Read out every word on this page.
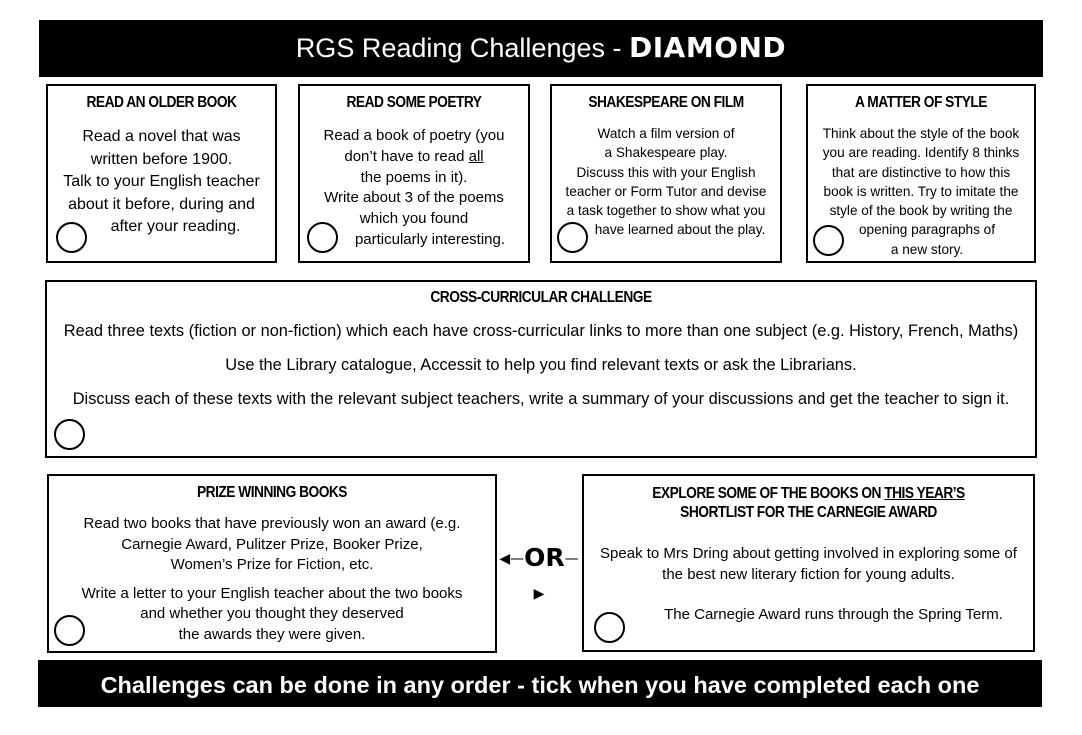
RGS Reading Challenges - DIAMOND
READ AN OLDER BOOK

Read a novel that was

written before 1900.

Talk to your English teacher

about it before, during and

after your reading.

READ SOME POETRY

Read a book of poetry (you

don’t have to read all

the poems in it).

Write about 3 of the poems

which you found

particularly interesting.

SHAKESPEARE ON FILM

Watch a film version of

a Shakespeare play.

Discuss this with your English

teacher or Form Tutor and devise

a task together to show what you

have learned about the play.

A MATTER OF STYLE

Think about the style of the book

you are reading. Identify 8 thinks

that are distinctive to how this

book is written. Try to imitate the

style of the book by writing the

opening paragraphs of

a new story.

CROSS-CURRICULAR CHALLENGE

Read three texts (fiction or non-fiction) which each have cross-curricular links to more than one subject (e.g. History, French, Maths)

Use the Library catalogue, Accessit to help you find relevant texts or ask the Librarians.

Discuss each of these texts with the relevant subject teachers, write a summary of your discussions and get the teacher to sign it.

PRIZE WINNING BOOKS

Read two books that have previously won an award (e.g.
Carnegie Award, Pulitzer Prize, Booker Prize,
Women’s Prize for Fiction, etc.

Write a letter to your English teacher about the two books
and whether you thought they deserved
the awards they were given.

◀—OR—▶
EXPLORE SOME OF THE BOOKS ON THIS YEAR’S
SHORTLIST FOR THE CARNEGIE AWARD

Speak to Mrs Dring about getting involved in exploring some of

the best new literary fiction for young adults.

The Carnegie Award runs through the Spring Term.
Challenges can be done in any order - tick when you have completed each one
